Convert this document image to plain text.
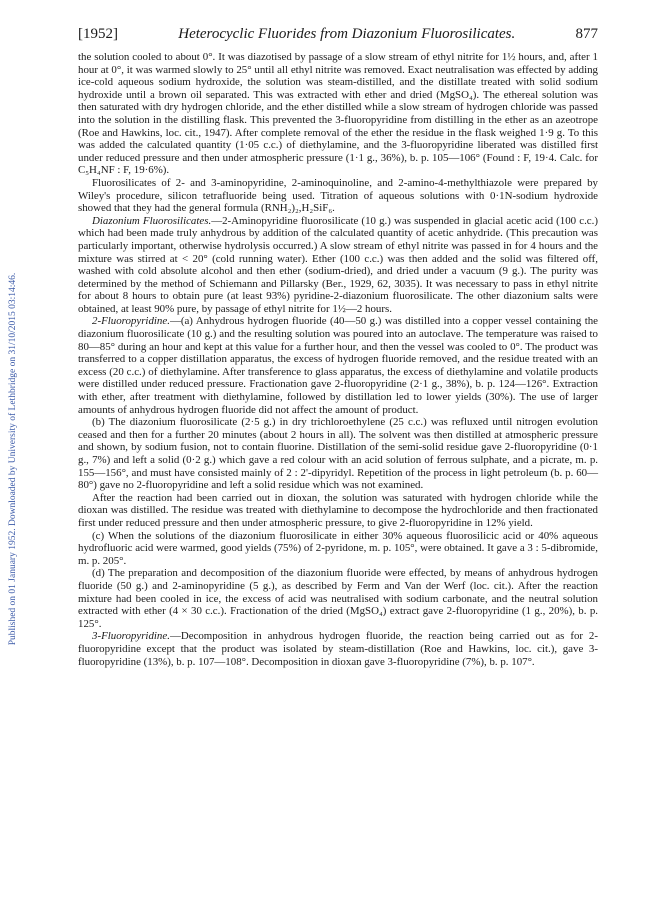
Published on 01 January 1952. Downloaded by University of Lethbridge on 31/10/2015 03:14:46.
[1952]	Heterocyclic Fluorides from Diazonium Fluorosilicates.	877

the solution cooled to about 0°. It was diazotised by passage of a slow stream of ethyl nitrite for 1½ hours, and, after 1 hour at 0°, it was warmed slowly to 25° until all ethyl nitrite was removed. Exact neutralisation was effected by adding ice-cold aqueous sodium hydroxide, the solution was steam-distilled, and the distillate treated with solid sodium hydroxide until a brown oil separated. This was extracted with ether and dried (MgSO₄). The ethereal solution was then saturated with dry hydrogen chloride, and the ether distilled while a slow stream of hydrogen chloride was passed into the solution in the distilling flask. This prevented the 3-fluoropyridine from distilling in the ether as an azeotrope (Roe and Hawkins, loc. cit., 1947). After complete removal of the ether the residue in the flask weighed 1·9 g. To this was added the calculated quantity (1·05 c.c.) of diethylamine, and the 3-fluoropyridine liberated was distilled first under reduced pressure and then under atmospheric pressure (1·1 g., 36%), b. p. 105—106° (Found : F, 19·4. Calc. for C₅H₄NF : F, 19·6%).

Fluorosilicates of 2- and 3-aminopyridine, 2-aminoquinoline, and 2-amino-4-methylthiazole were prepared by Wiley's procedure, silicon tetrafluoride being used. Titration of aqueous solutions with 0·1N-sodium hydroxide showed that they had the general formula (RNH₂)₂,H₂SiF₆.

Diazonium Fluorosilicates.—2-Aminopyridine fluorosilicate (10 g.) was suspended in glacial acetic acid (100 c.c.) which had been made truly anhydrous by addition of the calculated quantity of acetic anhydride. (This precaution was particularly important, otherwise hydrolysis occurred.) A slow stream of ethyl nitrite was passed in for 4 hours and the mixture was stirred at < 20° (cold running water). Ether (100 c.c.) was then added and the solid was filtered off, washed with cold absolute alcohol and then ether (sodium-dried), and dried under a vacuum (9 g.). The purity was determined by the method of Schiemann and Pillarsky (Ber., 1929, 62, 3035). It was necessary to pass in ethyl nitrite for about 8 hours to obtain pure (at least 93%) pyridine-2-diazonium fluorosilicate. The other diazonium salts were obtained, at least 90% pure, by passage of ethyl nitrite for 1½—2 hours.

2-Fluoropyridine.—(a) Anhydrous hydrogen fluoride (40—50 g.) was distilled into a copper vessel containing the diazonium fluorosilicate (10 g.) and the resulting solution was poured into an autoclave. The temperature was raised to 80—85° during an hour and kept at this value for a further hour, and then the vessel was cooled to 0°. The product was transferred to a copper distillation apparatus, the excess of hydrogen fluoride removed, and the residue treated with an excess (20 c.c.) of diethylamine. After transference to glass apparatus, the excess of diethylamine and volatile products were distilled under reduced pressure. Fractionation gave 2-fluoropyridine (2·1 g., 38%), b. p. 124—126°. Extraction with ether, after treatment with diethylamine, followed by distillation led to lower yields (30%). The use of larger amounts of anhydrous hydrogen fluoride did not affect the amount of product.

(b) The diazonium fluorosilicate (2·5 g.) in dry trichloroethylene (25 c.c.) was refluxed until nitrogen evolution ceased and then for a further 20 minutes (about 2 hours in all). The solvent was then distilled at atmospheric pressure and shown, by sodium fusion, not to contain fluorine. Distillation of the semi-solid residue gave 2-fluoropyridine (0·1 g., 7%) and left a solid (0·2 g.) which gave a red colour with an acid solution of ferrous sulphate, and a picrate, m. p. 155—156°, and must have consisted mainly of 2 : 2'-dipyridyl. Repetition of the process in light petroleum (b. p. 60—80°) gave no 2-fluoropyridine and left a solid residue which was not examined.

After the reaction had been carried out in dioxan, the solution was saturated with hydrogen chloride while the dioxan was distilled. The residue was treated with diethylamine to decompose the hydrochloride and then fractionated first under reduced pressure and then under atmospheric pressure, to give 2-fluoropyridine in 12% yield.

(c) When the solutions of the diazonium fluorosilicate in either 30% aqueous fluorosilicic acid or 40% aqueous hydrofluoric acid were warmed, good yields (75%) of 2-pyridone, m. p. 105°, were obtained. It gave a 3 : 5-dibromide, m. p. 205°.

(d) The preparation and decomposition of the diazonium fluoride were effected, by means of anhydrous hydrogen fluoride (50 g.) and 2-aminopyridine (5 g.), as described by Ferm and Van der Werf (loc. cit.). After the reaction mixture had been cooled in ice, the excess of acid was neutralised with sodium carbonate, and the neutral solution extracted with ether (4 × 30 c.c.). Fractionation of the dried (MgSO₄) extract gave 2-fluoropyridine (1 g., 20%), b. p. 125°.

3-Fluoropyridine.—Decomposition in anhydrous hydrogen fluoride, the reaction being carried out as for 2-fluoropyridine except that the product was isolated by steam-distillation (Roe and Hawkins, loc. cit.), gave 3-fluoropyridine (13%), b. p. 107—108°. Decomposition in dioxan gave 3-fluoropyridine (7%), b. p. 107°.
